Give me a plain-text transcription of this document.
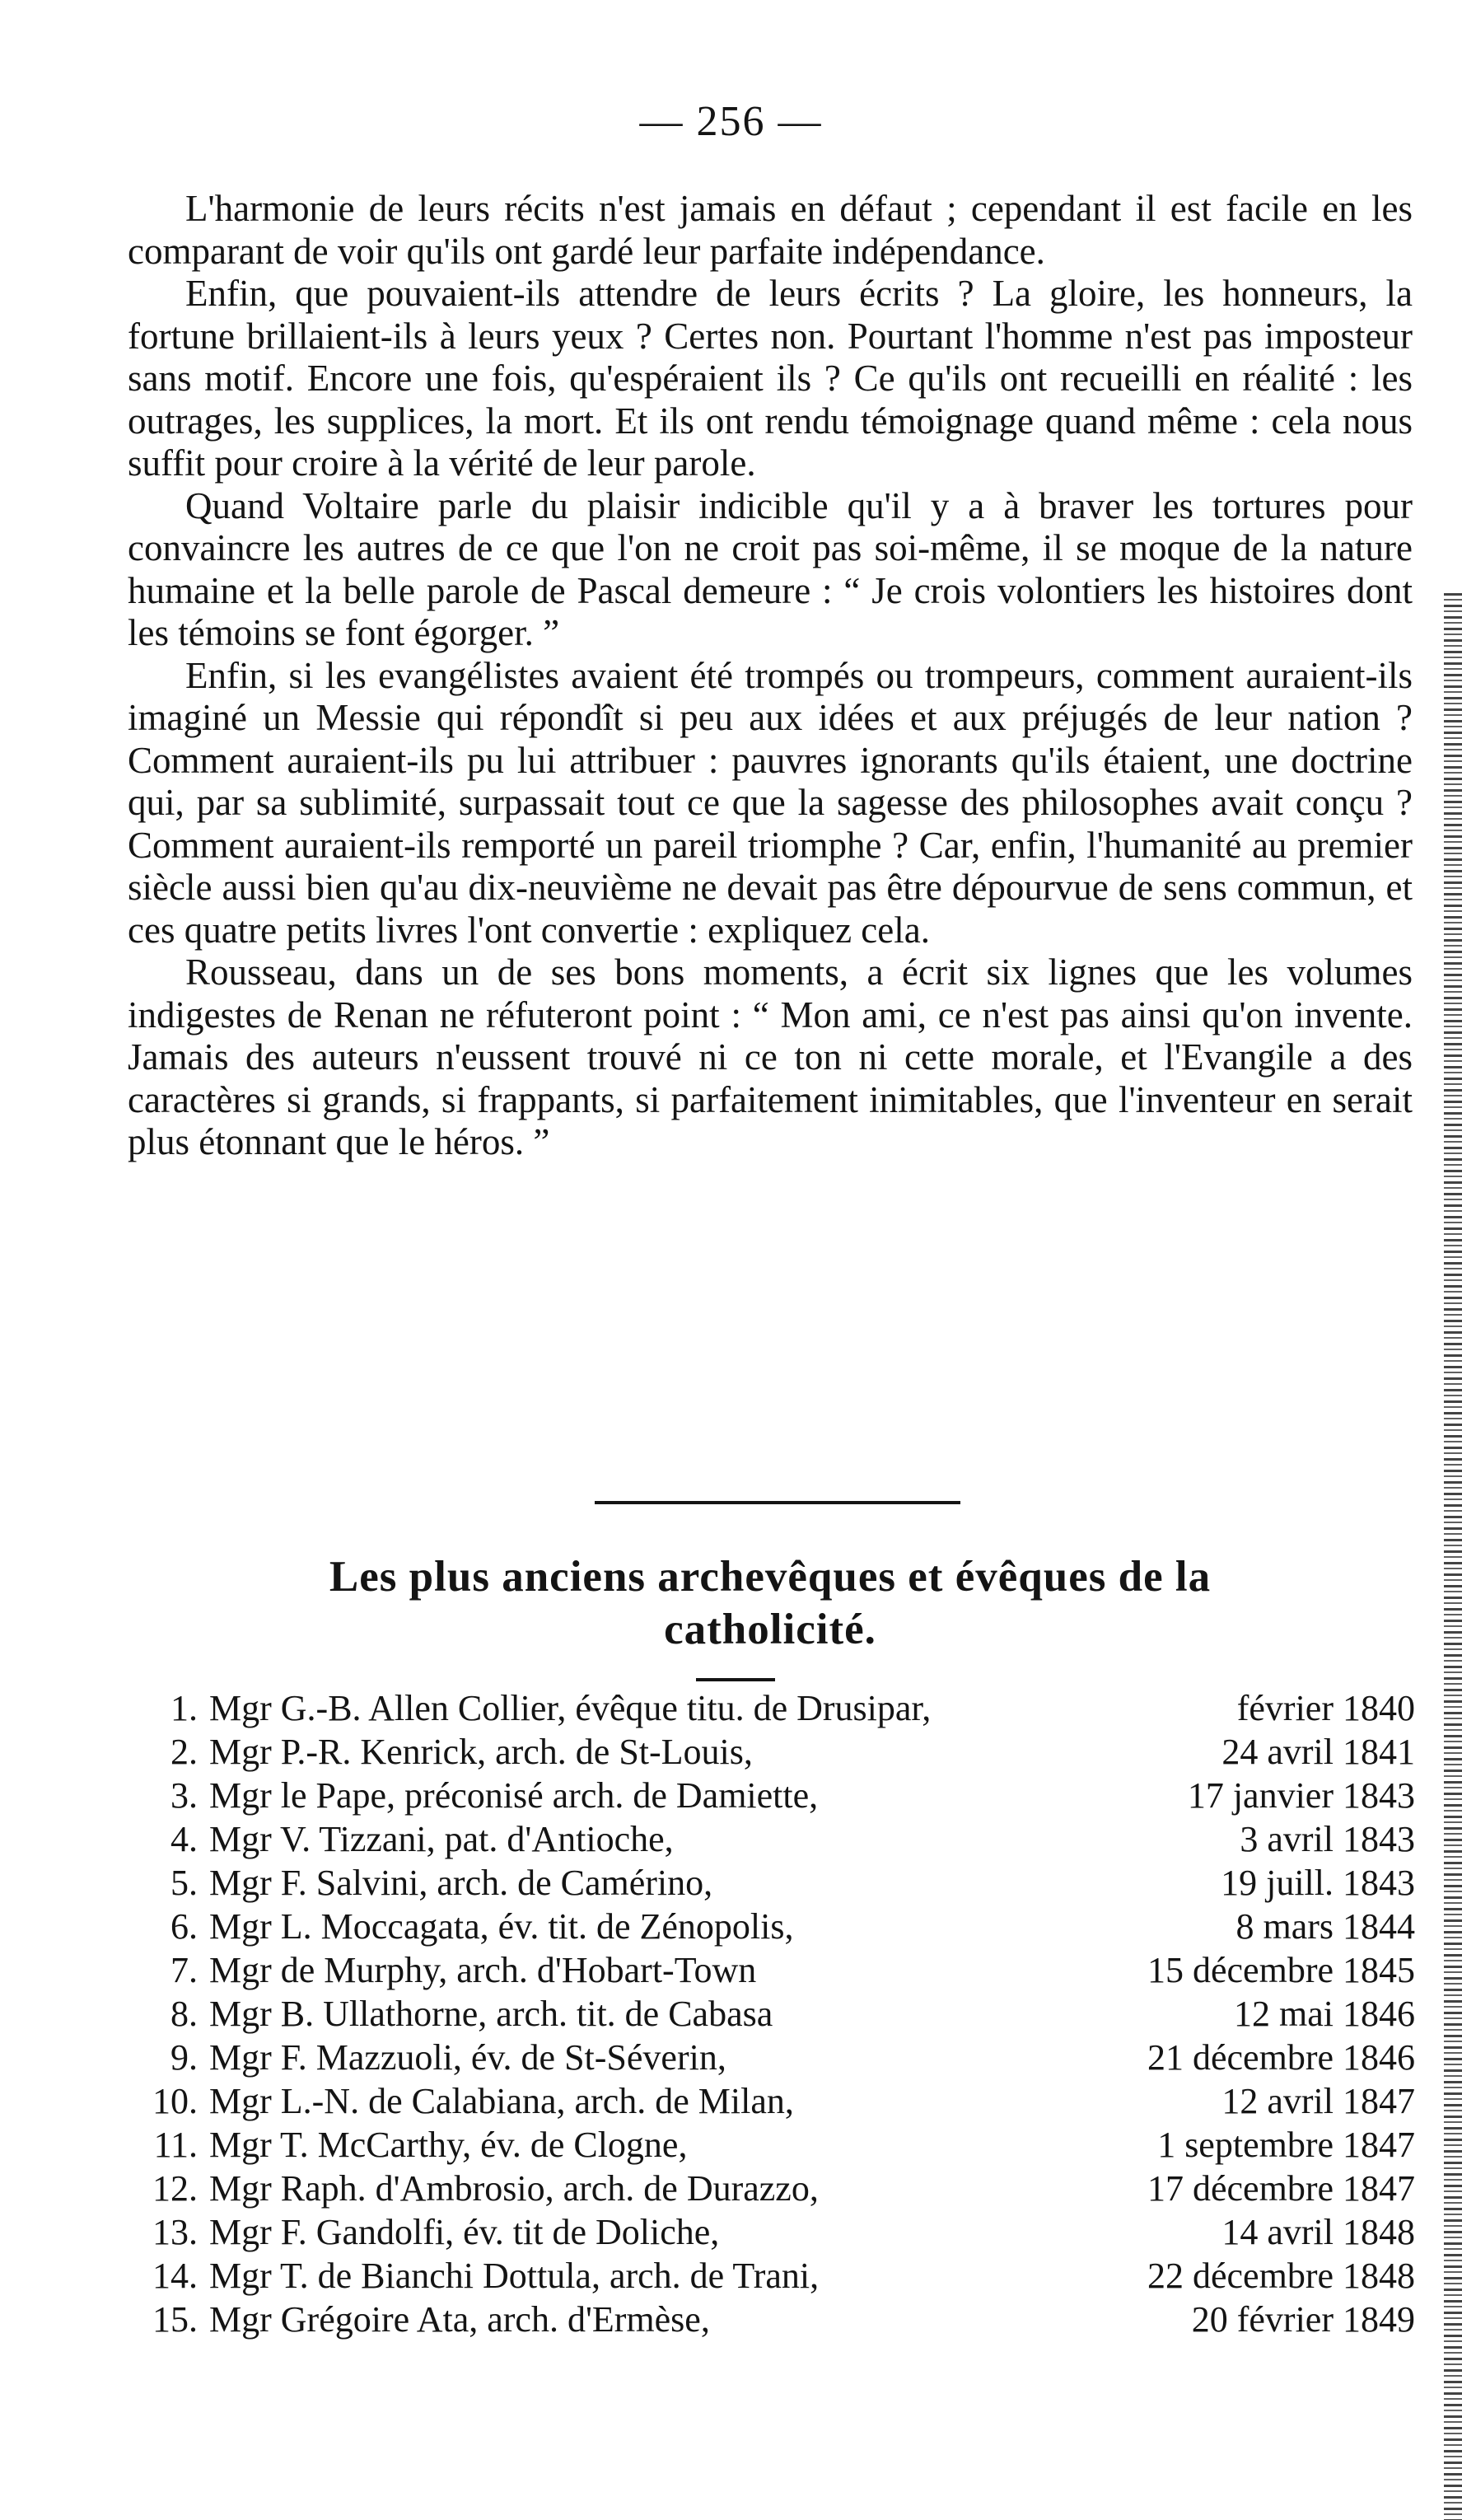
— 256 —

L'harmonie de leurs récits n'est jamais en défaut ; cependant il est facile en les comparant de voir qu'ils ont gardé leur parfaite indépendance.

Enfin, que pouvaient-ils attendre de leurs écrits ? La gloire, les honneurs, la fortune brillaient-ils à leurs yeux ? Certes non. Pourtant l'homme n'est pas imposteur sans motif. Encore une fois, qu'espéraient ils ? Ce qu'ils ont recueilli en réalité : les outrages, les supplices, la mort. Et ils ont rendu témoignage quand même : cela nous suffit pour croire à la vérité de leur parole.

Quand Voltaire parle du plaisir indicible qu'il y a à braver les tortures pour convaincre les autres de ce que l'on ne croit pas soi-même, il se moque de la nature humaine et la belle parole de Pascal demeure : “ Je crois volontiers les histoires dont les témoins se font égorger. ”

Enfin, si les evangélistes avaient été trompés ou trompeurs, comment auraient-ils imaginé un Messie qui répondît si peu aux idées et aux préjugés de leur nation ? Comment auraient-ils pu lui attribuer : pauvres ignorants qu'ils étaient, une doctrine qui, par sa sublimité, surpassait tout ce que la sagesse des philosophes avait conçu ? Comment auraient-ils remporté un pareil triomphe ? Car, enfin, l'humanité au premier siècle aussi bien qu'au dix-neuvième ne devait pas être dépourvue de sens commun, et ces quatre petits livres l'ont convertie : expliquez cela.

Rousseau, dans un de ses bons moments, a écrit six lignes que les volumes indigestes de Renan ne réfuteront point : “ Mon ami, ce n'est pas ainsi qu'on invente. Jamais des auteurs n'eussent trouvé ni ce ton ni cette morale, et l'Evangile a des caractères si grands, si frappants, si parfaitement inimitables, que l'inventeur en serait plus étonnant que le héros. ”

Les plus anciens archevêques et évêques de la
catholicité.
1. Mgr G.-B. Allen Collier, évêque titu. de Drusipar,	février 1840
2. Mgr P.-R. Kenrick, arch. de St-Louis,	24 avril 1841
3. Mgr le Pape, préconisé arch. de Damiette,	17 janvier 1843
4. Mgr V. Tizzani, pat. d'Antioche,	3 avril 1843
5. Mgr F. Salvini, arch. de Camérino,	19 juill. 1843
6. Mgr L. Moccagata, év. tit. de Zénopolis,	8 mars 1844
7. Mgr de Murphy, arch. d'Hobart-Town	15 décembre 1845
8. Mgr B. Ullathorne, arch. tit. de Cabasa	12 mai 1846
9. Mgr F. Mazzuoli, év. de St-Séverin,	21 décembre 1846
10. Mgr L.-N. de Calabiana, arch. de Milan,	12 avril 1847
11. Mgr T. McCarthy, év. de Clogne,	1 septembre 1847
12. Mgr Raph. d'Ambrosio, arch. de Durazzo,	17 décembre 1847
13. Mgr F. Gandolfi, év. tit de Doliche,	14 avril 1848
14. Mgr T. de Bianchi Dottula, arch. de Trani,	22 décembre 1848
15. Mgr Grégoire Ata, arch. d'Ermèse,	20 février 1849
